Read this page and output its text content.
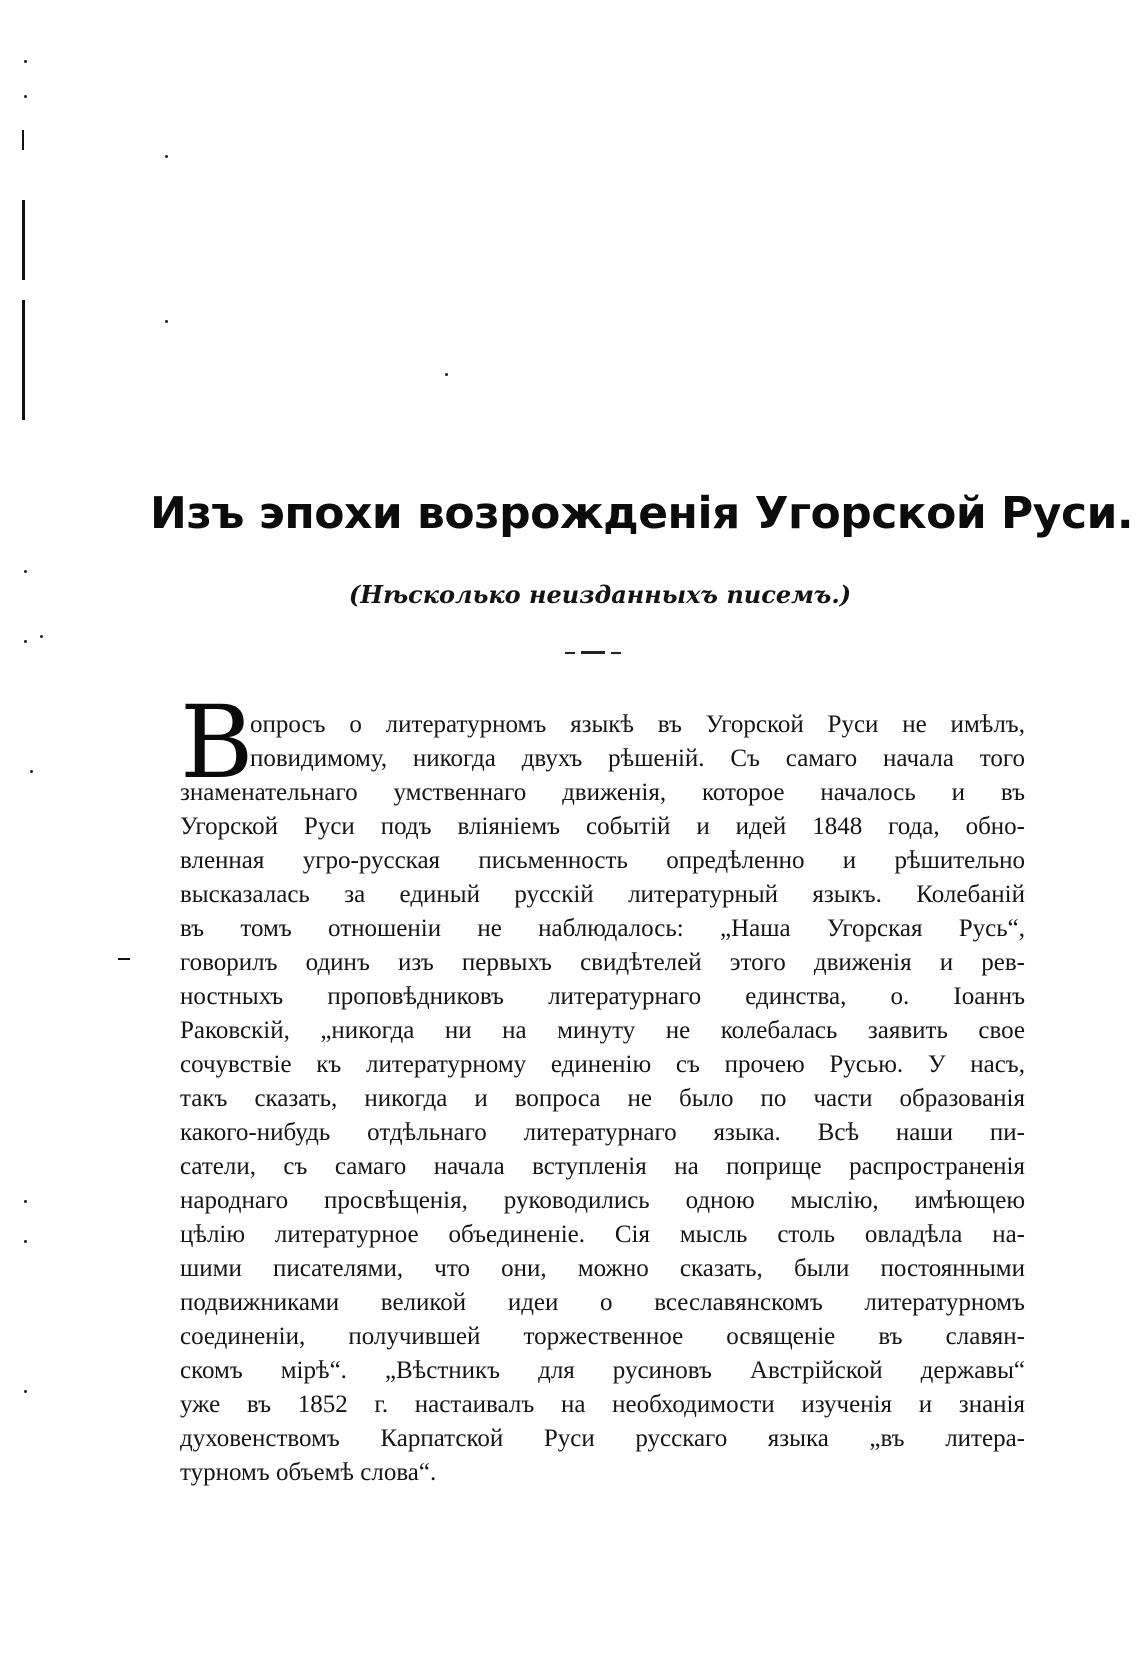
Изъ эпохи возрожденія Угорской Руси.
(Нѣсколько неизданныхъ писемъ.)
В
опросъ о литературномъ языкѣ въ Угорской Руси не имѣлъ,
повидимому, никогда двухъ рѣшеній. Съ самаго начала того
знаменательнаго умственнаго движенія, которое началось и въ
Угорской Руси подъ вліяніемъ событій и идей 1848 года, обно-
вленная угро-русская письменность опредѣленно и рѣшительно
высказалась за единый русскій литературный языкъ. Колебаній
въ томъ отношеніи не наблюдалось: „Наша Угорская Русь“,
говорилъ одинъ изъ первыхъ свидѣтелей этого движенія и рев-
ностныхъ проповѣдниковъ литературнаго единства, о. Іоаннъ
Раковскій, „никогда ни на минуту не колебалась заявить свое
сочувствіе къ литературному единенію съ прочею Русью. У насъ,
такъ сказать, никогда и вопроса не было по части образованія
какого-нибудь отдѣльнаго литературнаго языка. Всѣ наши пи-
сатели, съ самаго начала вступленія на поприще распространенія
народнаго просвѣщенія, руководились одною мыслію, имѣющею
цѣлію литературное объединеніе. Сія мысль столь овладѣла на-
шими писателями, что они, можно сказать, были постоянными
подвижниками великой идеи о всеславянскомъ литературномъ
соединеніи, получившей торжественное освященіе въ славян-
скомъ мірѣ“. „Вѣстникъ для русиновъ Австрійской державы“
уже въ 1852 г. настаивалъ на необходимости изученія и знанія
духовенствомъ Карпатской Руси русскаго языка „въ литера-
турномъ объемѣ слова“.
